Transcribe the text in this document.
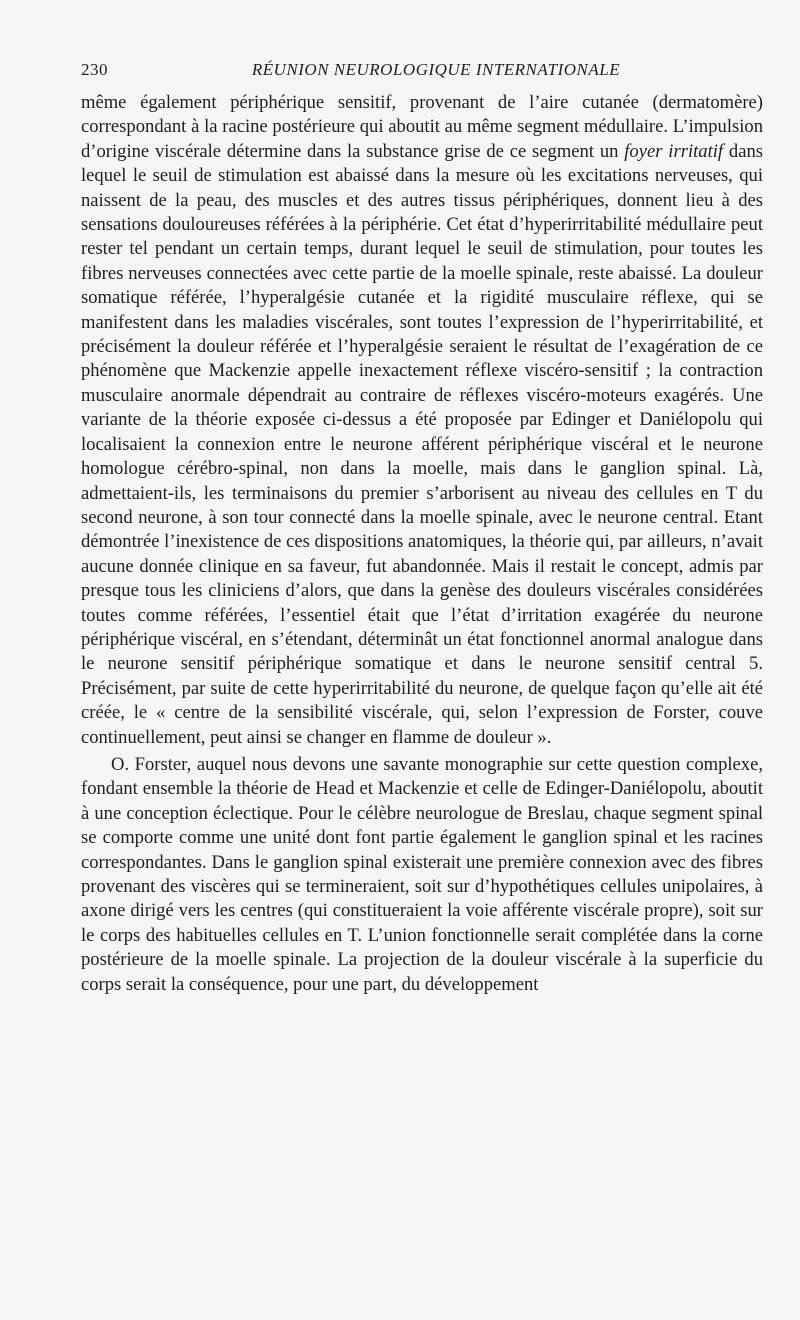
230	RÉUNION NEUROLOGIQUE INTERNATIONALE

même également périphérique sensitif, provenant de l’aire cutanée (dermatomère) correspondant à la racine postérieure qui aboutit au même segment médullaire. L’impulsion d’origine viscérale détermine dans la substance grise de ce segment un foyer irritatif dans lequel le seuil de stimulation est abaissé dans la mesure où les excitations nerveuses, qui naissent de la peau, des muscles et des autres tissus périphériques, donnent lieu à des sensations douloureuses référées à la périphérie. Cet état d’hyperirritabilité médullaire peut rester tel pendant un certain temps, durant lequel le seuil de stimulation, pour toutes les fibres nerveuses connectées avec cette partie de la moelle spinale, reste abaissé. La douleur somatique référée, l’hyperalgésie cutanée et la rigidité musculaire réflexe, qui se manifestent dans les maladies viscérales, sont toutes l’expression de l’hyperirritabilité, et précisément la douleur référée et l’hyperalgésie seraient le résultat de l’exagération de ce phénomène que Mackenzie appelle inexactement réflexe viscéro-sensitif ; la contraction musculaire anormale dépendrait au contraire de réflexes viscéro-moteurs exagérés. Une variante de la théorie exposée ci-dessus a été proposée par Edinger et Daniélopolu qui localisaient la connexion entre le neurone afférent périphérique viscéral et le neurone homologue cérébro-spinal, non dans la moelle, mais dans le ganglion spinal. Là, admettaient-ils, les terminaisons du premier s’arborisent au niveau des cellules en T du second neurone, à son tour connecté dans la moelle spinale, avec le neurone central. Etant démontrée l’inexistence de ces dispositions anatomiques, la théorie qui, par ailleurs, n’avait aucune donnée clinique en sa faveur, fut abandonnée. Mais il restait le concept, admis par presque tous les cliniciens d’alors, que dans la genèse des douleurs viscérales considérées toutes comme référées, l’essentiel était que l’état d’irritation exagérée du neurone périphérique viscéral, en s’étendant, déterminât un état fonctionnel anormal analogue dans le neurone sensitif périphérique somatique et dans le neurone sensitif central 5. Précisément, par suite de cette hyperirritabilité du neurone, de quelque façon qu’elle ait été créée, le « centre de la sensibilité viscérale, qui, selon l’expression de Forster, couve continuellement, peut ainsi se changer en flamme de douleur ».

O. Forster, auquel nous devons une savante monographie sur cette question complexe, fondant ensemble la théorie de Head et Mackenzie et celle de Edinger-Daniélopolu, aboutit à une conception éclectique. Pour le célèbre neurologue de Breslau, chaque segment spinal se comporte comme une unité dont font partie également le ganglion spinal et les racines correspondantes. Dans le ganglion spinal existerait une première connexion avec des fibres provenant des viscères qui se termineraient, soit sur d’hypothétiques cellules unipolaires, à axone dirigé vers les centres (qui constitueraient la voie afférente viscérale propre), soit sur le corps des habituelles cellules en T. L’union fonctionnelle serait complétée dans la corne postérieure de la moelle spinale. La projection de la douleur viscérale à la superficie du corps serait la conséquence, pour une part, du développement
